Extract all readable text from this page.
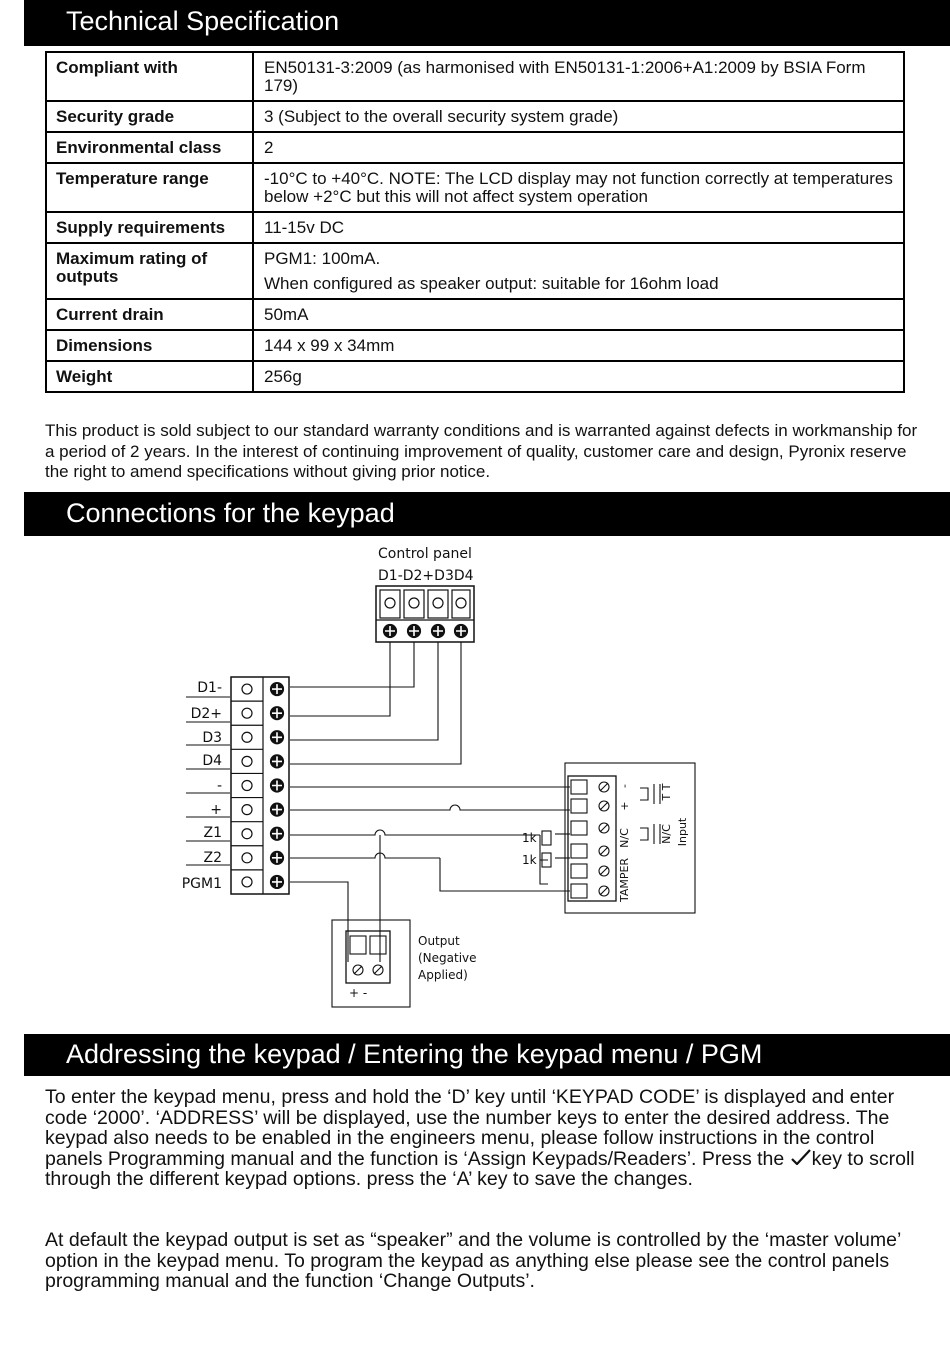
Technical Specification
Compliant with	EN50131-3:2009 (as harmonised with EN50131-1:2006+A1:2009 by BSIA Form 179)
Security grade	3 (Subject to the overall security system grade)
Environmental class	2
Temperature range	-10°C to +40°C. NOTE: The LCD display may not function correctly at temperatures below +2°C but this will not affect system operation
Supply requirements	11-15v DC
Maximum rating of outputs	PGM1: 100mA.
When configured as speaker output: suitable for 16ohm load

Current drain	50mA
Dimensions	144 x 99 x 34mm
Weight	256g

This product is sold subject to our standard warranty conditions and is warranted against defects in workmanship for a period of 2 years. In the interest of continuing improvement of quality, customer care and design, Pyronix reserve the right to amend specifications without giving prior notice.

Connections for the keypad
Control panel
D1-D2+D3D4
D1-
D2+
D3
D4
-
+
Z1
Z2
PGM1
1k
1k
-
+
N/C
TAMPER
T T
N/C Input
+ -
Output
(Negative
Applied)
Addressing the keypad / Entering the keypad menu / PGM

To enter the keypad menu, press and hold the ‘D’ key until ‘KEYPAD CODE’ is displayed and enter code ‘2000’. ‘ADDRESS’ will be displayed, use the number keys to enter the desired address. The keypad also needs to be enabled in the engineers menu, please follow instructions in the control panels Programming manual and the function is ‘Assign Keypads/Readers’. Press the key to scroll through the different keypad options. press the ‘A’ key to save the changes.

At default the keypad output is set as “speaker” and the volume is controlled by the ‘master volume’ option in the keypad menu. To program the keypad as anything else please see the control panels programming manual and the function ‘Change Outputs’.
